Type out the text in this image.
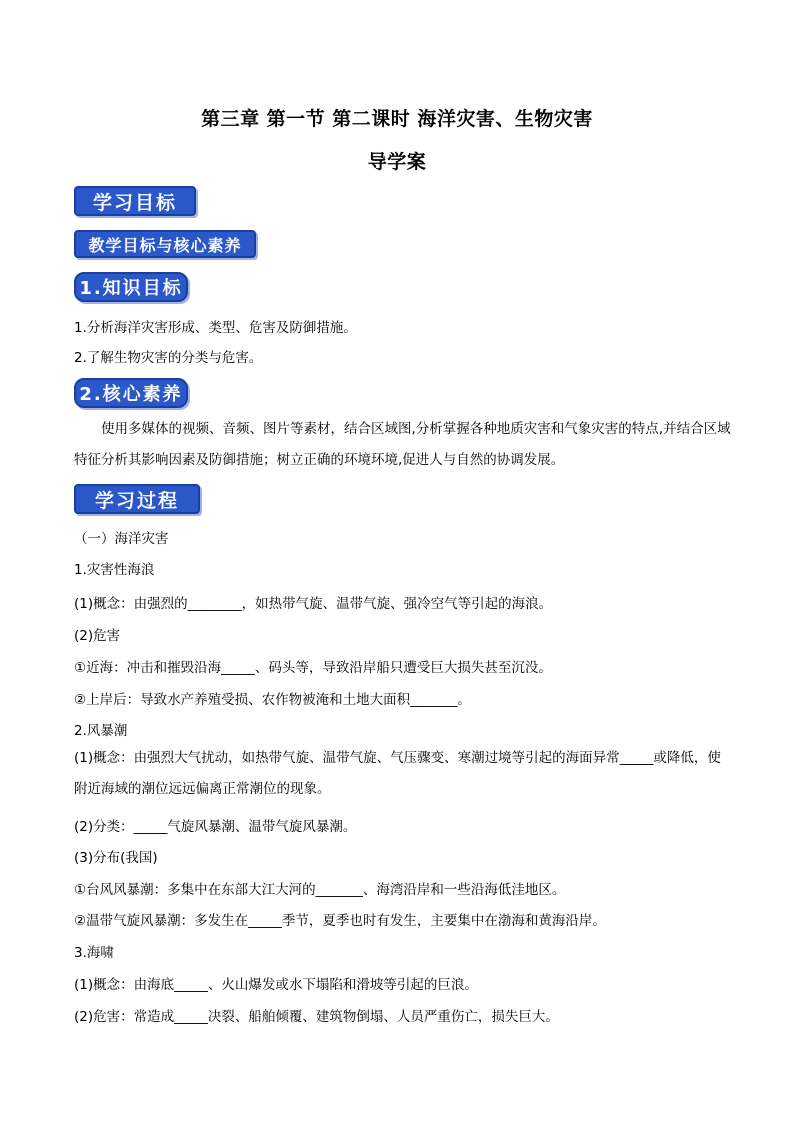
第三章 第一节 第二课时 海洋灾害、生物灾害
导学案
学习目标
教学目标与核心素养
1.知识目标
1.分析海洋灾害形成、类型、危害及防御措施。
2.了解生物灾害的分类与危害。
2.核心素养
使用多媒体的视频、音频、图片等素材，结合区域图,分析掌握各种地质灾害和气象灾害的特点,并结合区域特征分析其影响因素及防御措施；树立正确的环境环境,促进人与自然的协调发展。
学习过程
（一）海洋灾害
1.灾害性海浪
(1)概念：由强烈的________，如热带气旋、温带气旋、强冷空气等引起的海浪。
(2)危害
①近海：冲击和摧毁沿海_____、码头等，导致沿岸船只遭受巨大损失甚至沉没。
②上岸后：导致水产养殖受损、农作物被淹和土地大面积_______。
2.风暴潮
(1)概念：由强烈大气扰动，如热带气旋、温带气旋、气压骤变、寒潮过境等引起的海面异常_____或降低，使附近海域的潮位远远偏离正常潮位的现象。
(2)分类：_____气旋风暴潮、温带气旋风暴潮。
(3)分布(我国)
①台风风暴潮：多集中在东部大江大河的_______、海湾沿岸和一些沿海低洼地区。
②温带气旋风暴潮：多发生在_____季节，夏季也时有发生，主要集中在渤海和黄海沿岸。
3.海啸
(1)概念：由海底_____、火山爆发或水下塌陷和滑坡等引起的巨浪。
(2)危害：常造成_____决裂、船舶倾覆、建筑物倒塌、人员严重伤亡，损失巨大。
